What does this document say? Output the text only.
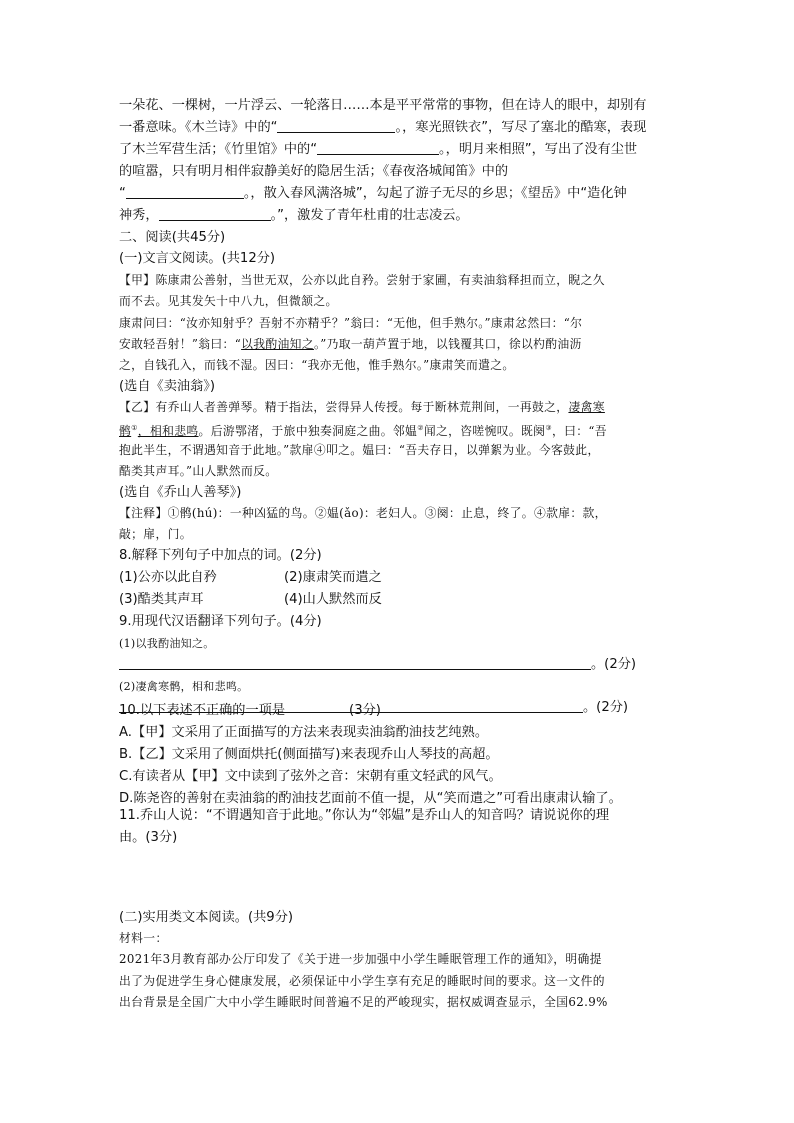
一朵花、一棵树，一片浮云、一轮落日……本是平平常常的事物，但在诗人的眼中，却别有
一番意味。《木兰诗》中的“	。，寒光照铁衣”，写尽了塞北的酷寒，表现
了木兰军营生活；《竹里馆》中的“	。，明月来相照”，写出了没有尘世
的喧嚣，只有明月相伴寂静美好的隐居生活；《春夜洛城闻笛》中的
“	。，散入春风满洛城”，勾起了游子无尽的乡思；《望岳》中“造化钟
神秀，	。”，激发了青年杜甫的壮志凌云。
二、阅读(共45分)
(一)文言文阅读。(共12分)
【甲】陈康肃公善射，当世无双，公亦以此自矜。尝射于家圃，有卖油翁释担而立，睨之久
而不去。见其发矢十中八九，但微颔之。
康肃问曰：“汝亦知射乎？吾射不亦精乎？”翁曰：“无他，但手熟尔。”康肃忿然曰：“尔
安敢轻吾射！”翁曰：“以我酌油知之。”乃取一葫芦置于地，以钱覆其口，徐以杓酌油沥
之，自钱孔入，而钱不湿。因曰：“我亦无他，惟手熟尔。”康肃笑而遣之。
(选自《卖油翁》)
【乙】有乔山人者善弹琴。精于指法，尝得异人传授。每于断林荒荆间，一再鼓之，凄禽寒
鹘①，相和悲鸣。后游鄂渚，于旅中独奏洞庭之曲。邻媪②闻之，咨嗟惋叹。既阕③，曰：“吾
抱此半生，不谓遇知音于此地。”款扉④叩之。媪曰：“吾夫存日，以弹絮为业。今客鼓此，
酷类其声耳。”山人默然而反。
(选自《乔山人善琴》)
【注释】①鹘(hú)：一种凶猛的鸟。②媪(ǎo)：老妇人。③阕：止息，终了。④款扉：款，
敲；扉，门。
8.解释下列句子中加点的词。(2分)
(1)公亦以此自矜	(2)康肃笑而遣之
(3)酷类其声耳	(4)山人默然而反
9.用现代汉语翻译下列句子。(4分)
(1)以我酌油知之。
。(2分)
(2)凄禽寒鹘，相和悲鸣。
。(2分)
10.以下表述不正确的一项是	(3分)
A.【甲】文采用了正面描写的方法来表现卖油翁酌油技艺纯熟。
B.【乙】文采用了侧面烘托(侧面描写)来表现乔山人琴技的高超。
C.有读者从【甲】文中读到了弦外之音：宋朝有重文轻武的风气。
D.陈尧咨的善射在卖油翁的酌油技艺面前不值一提，从“笑而遣之”可看出康肃认输了。
11.乔山人说：“不谓遇知音于此地。”你认为“邻媪”是乔山人的知音吗？请说说你的理
由。(3分)
(二)实用类文本阅读。(共9分)
材料一：
2021年3月教育部办公厅印发了《关于进一步加强中小学生睡眠管理工作的通知》，明确提
出了为促进学生身心健康发展，必须保证中小学生享有充足的睡眠时间的要求。这一文件的
出台背景是全国广大中小学生睡眠时间普遍不足的严峻现实，据权威调查显示，全国62.9%
